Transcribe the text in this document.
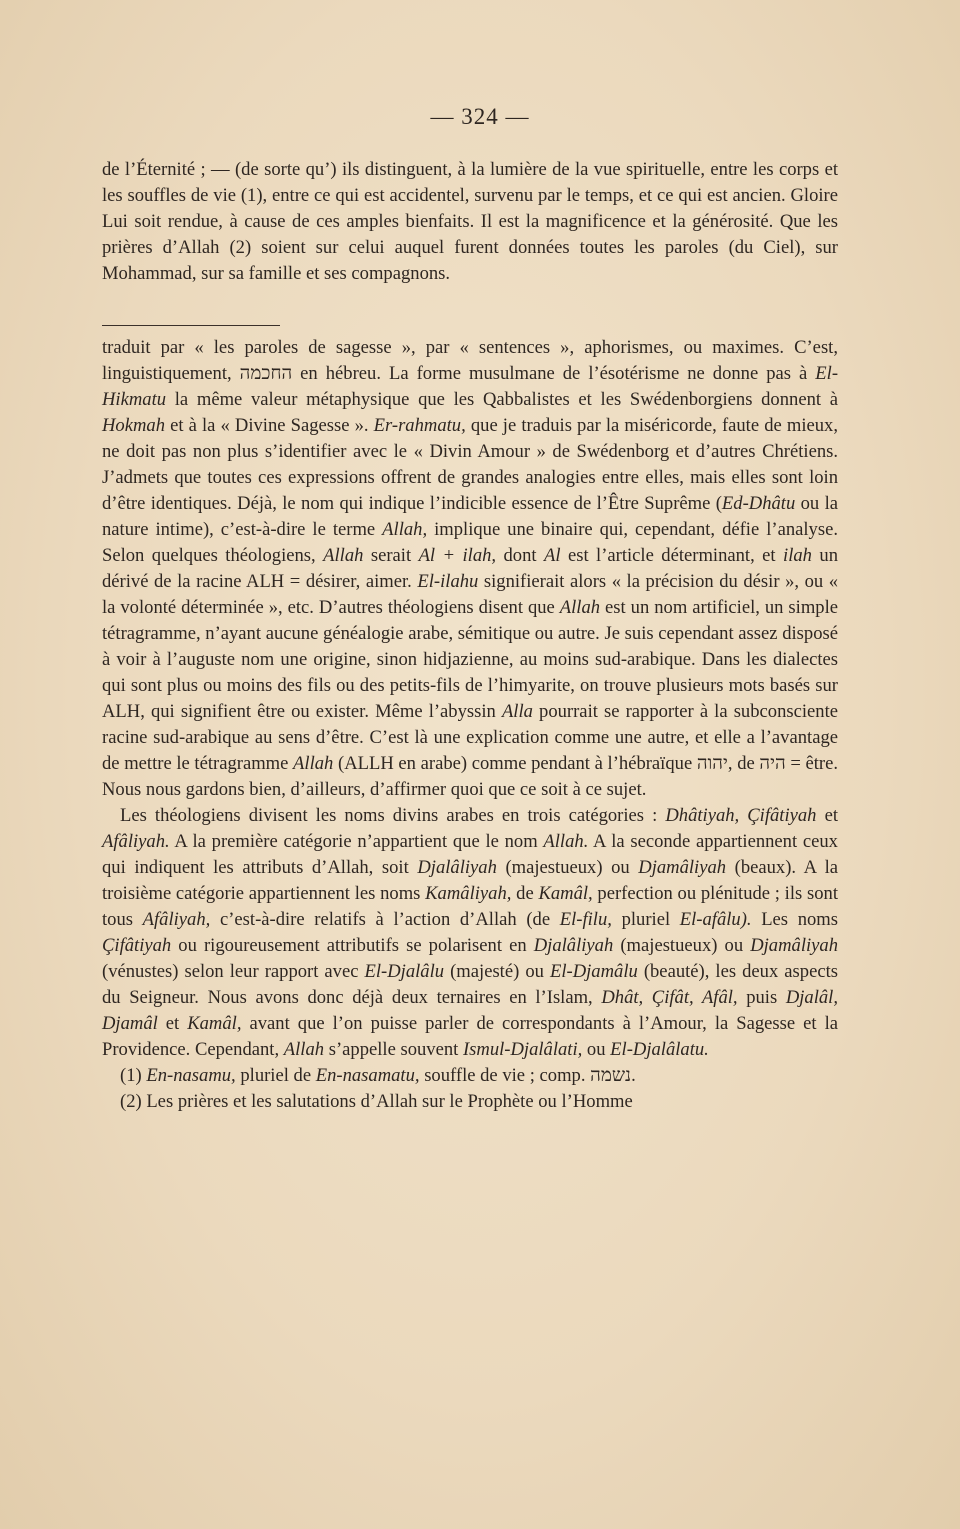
— 324 —

de l’Éternité ; — (de sorte qu’) ils distinguent, à la lumière de la vue spirituelle, entre les corps et les souffles de vie (1), entre ce qui est accidentel, survenu par le temps, et ce qui est ancien. Gloire Lui soit rendue, à cause de ces amples bienfaits. Il est la magnificence et la générosité. Que les prières d’Allah (2) soient sur celui auquel furent données toutes les paroles (du Ciel), sur Mohammad, sur sa famille et ses compagnons.

traduit par « les paroles de sagesse », par « sentences », aphorismes, ou maximes. C’est, linguistiquement, החכמה en hébreu. La forme musulmane de l’ésotérisme ne donne pas à El-Hikmatu la même valeur métaphysique que les Qabbalistes et les Swédenborgiens donnent à Hokmah et à la « Divine Sagesse ». Er-rahmatu, que je traduis par la miséricorde, faute de mieux, ne doit pas non plus s’identifier avec le « Divin Amour » de Swédenborg et d’autres Chrétiens. J’admets que toutes ces expressions offrent de grandes analogies entre elles, mais elles sont loin d’être identiques. Déjà, le nom qui indique l’indicible essence de l’Être Suprême (Ed-Dhâtu ou la nature intime), c’est-à-dire le terme Allah, implique une binaire qui, cependant, défie l’analyse. Selon quelques théologiens, Allah serait Al + ilah, dont Al est l’article déterminant, et ilah un dérivé de la racine ALH = désirer, aimer. El-ilahu signifierait alors « la précision du désir », ou « la volonté déterminée », etc. D’autres théologiens disent que Allah est un nom artificiel, un simple tétragramme, n’ayant aucune généalogie arabe, sémitique ou autre. Je suis cependant assez disposé à voir à l’auguste nom une origine, sinon hidjazienne, au moins sud-arabique. Dans les dialectes qui sont plus ou moins des fils ou des petits-fils de l’himyarite, on trouve plusieurs mots basés sur ALH, qui signifient être ou exister. Même l’abyssin Alla pourrait se rapporter à la subconsciente racine sud-arabique au sens d’être. C’est là une explication comme une autre, et elle a l’avantage de mettre le tétragramme Allah (ALLH en arabe) comme pendant à l’hébraïque יהוה, de היה = être. Nous nous gardons bien, d’ailleurs, d’affirmer quoi que ce soit à ce sujet.

Les théologiens divisent les noms divins arabes en trois catégories : Dhâtiyah, Çifâtiyah et Afâliyah. A la première catégorie n’appartient que le nom Allah. A la seconde appartiennent ceux qui indiquent les attributs d’Allah, soit Djalâliyah (majestueux) ou Djamâliyah (beaux). A la troisième catégorie appartiennent les noms Kamâliyah, de Kamâl, perfection ou plénitude ; ils sont tous Afâliyah, c’est-à-dire relatifs à l’action d’Allah (de El-filu, pluriel El-afâlu). Les noms Çifâtiyah ou rigoureusement attributifs se polarisent en Djalâliyah (majestueux) ou Djamâliyah (vénustes) selon leur rapport avec El-Djalâlu (majesté) ou El-Djamâlu (beauté), les deux aspects du Seigneur. Nous avons donc déjà deux ternaires en l’Islam, Dhât, Çifât, Afâl, puis Djalâl, Djamâl et Kamâl, avant que l’on puisse parler de correspondants à l’Amour, la Sagesse et la Providence. Cependant, Allah s’appelle souvent Ismul-Djalâlati, ou El-Djalâlatu.

(1) En-nasamu, pluriel de En-nasamatu, souffle de vie ; comp. נשמה.

(2) Les prières et les salutations d’Allah sur le Prophète ou l’Homme
